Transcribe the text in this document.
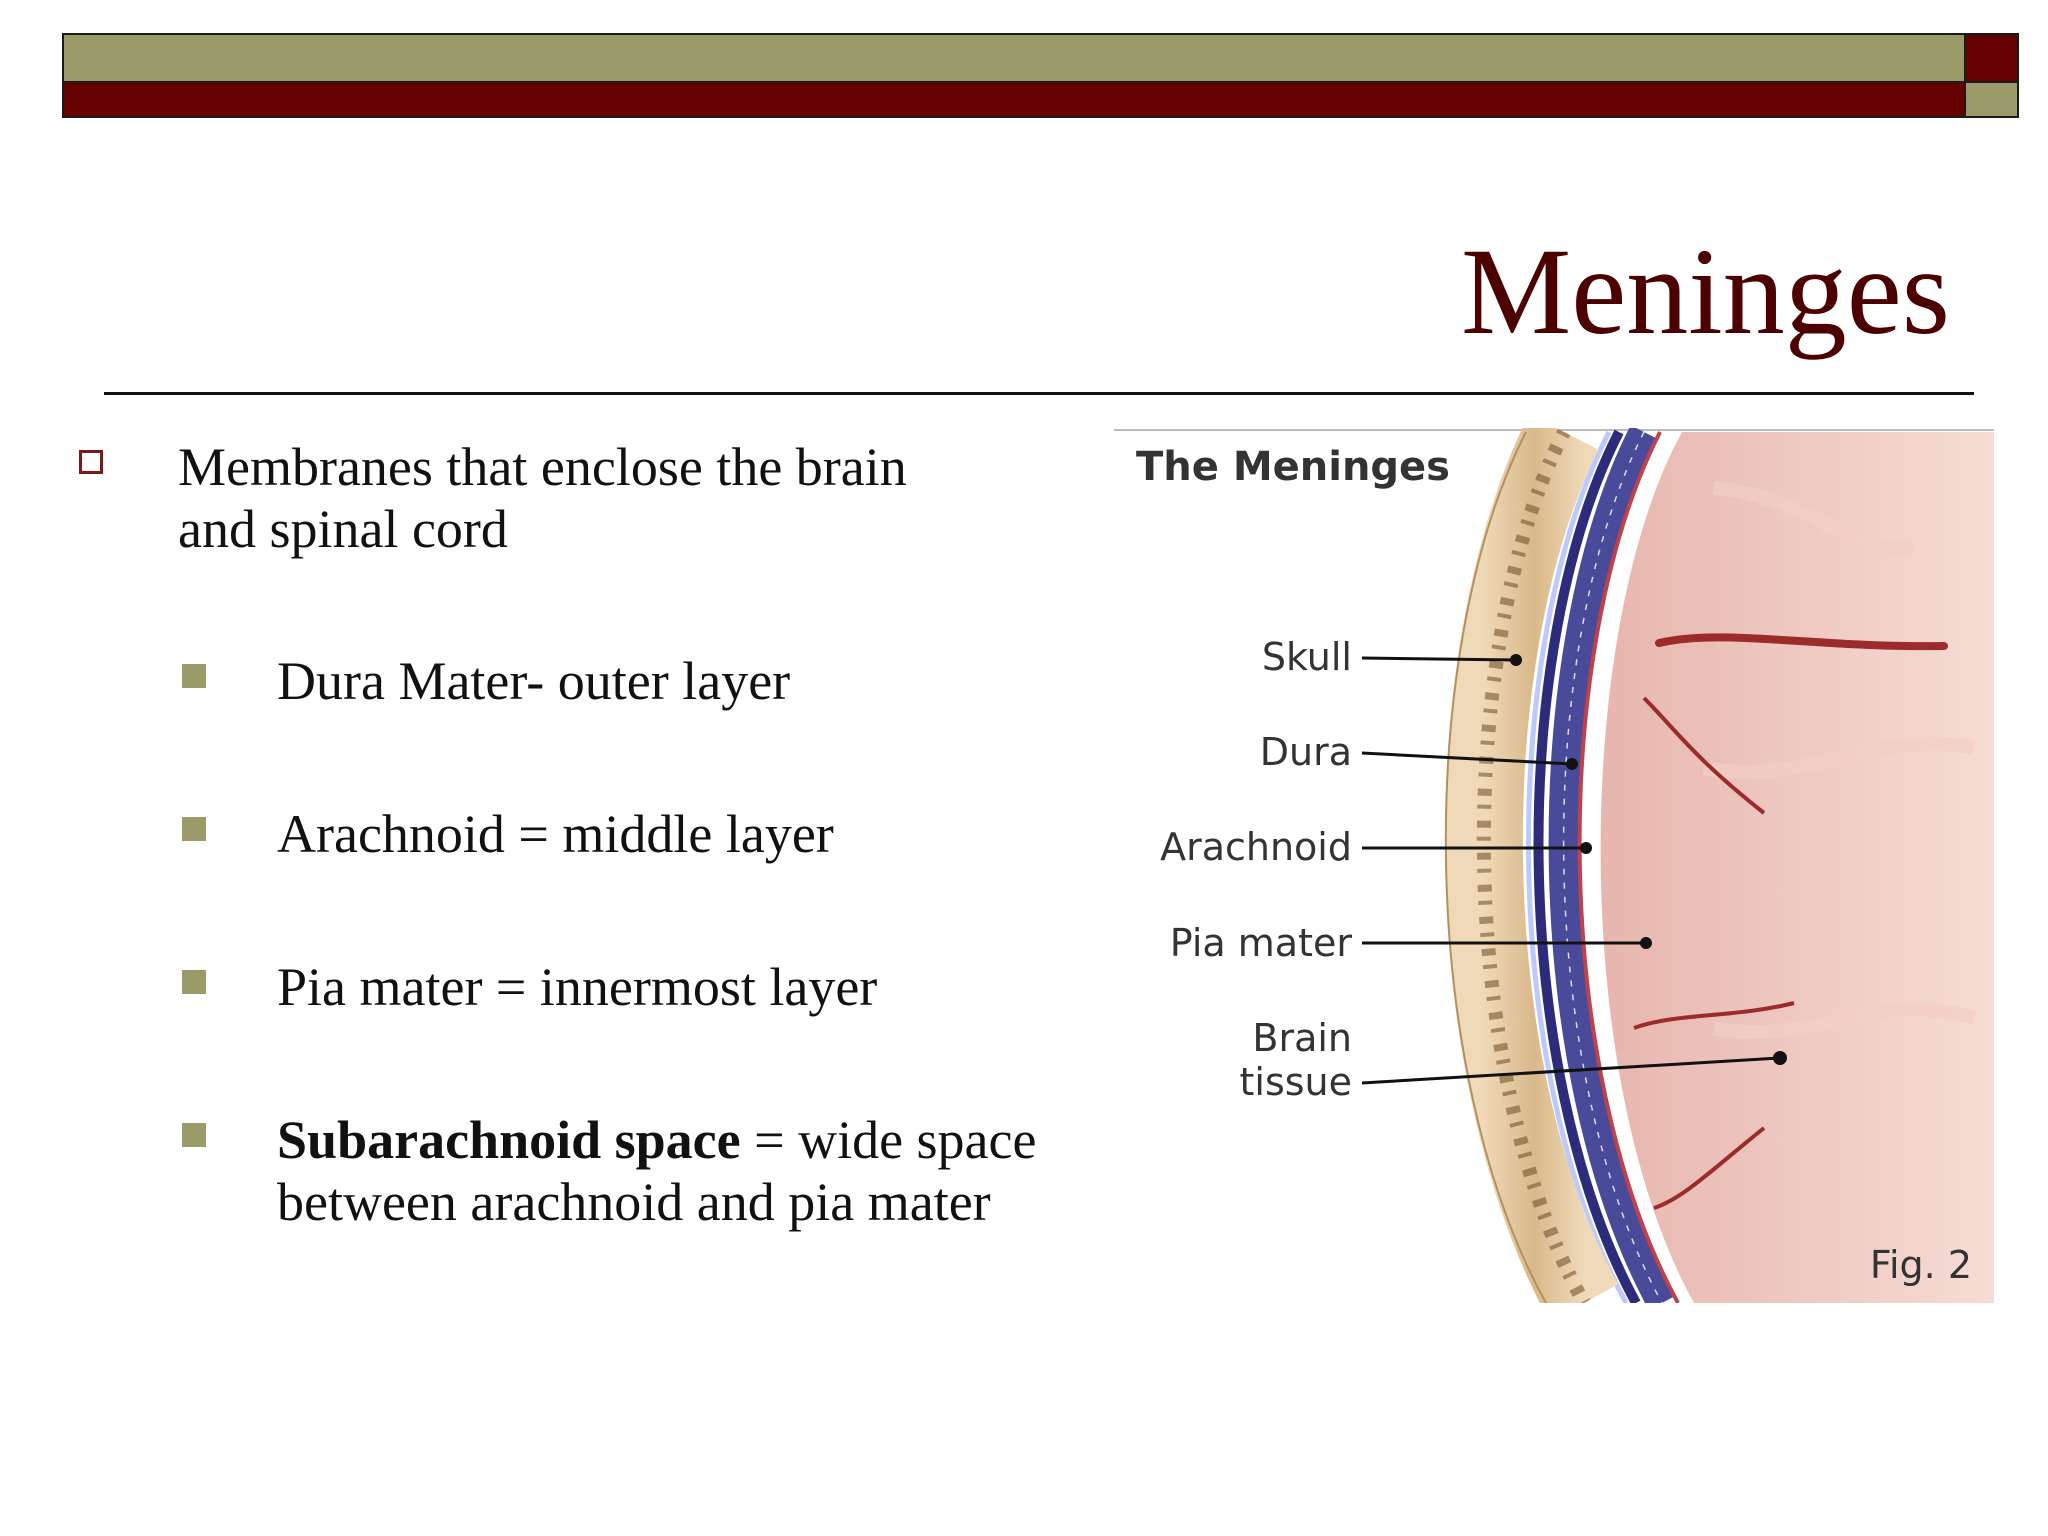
Meninges
Membranes that enclose the brain and spinal cord
Dura Mater- outer layer
Arachnoid = middle layer
Pia mater = innermost layer
Subarachnoid space = wide space between arachnoid and pia mater
The Meninges
Skull
Dura
Arachnoid
Pia mater
Brain
tissue
Fig. 2
